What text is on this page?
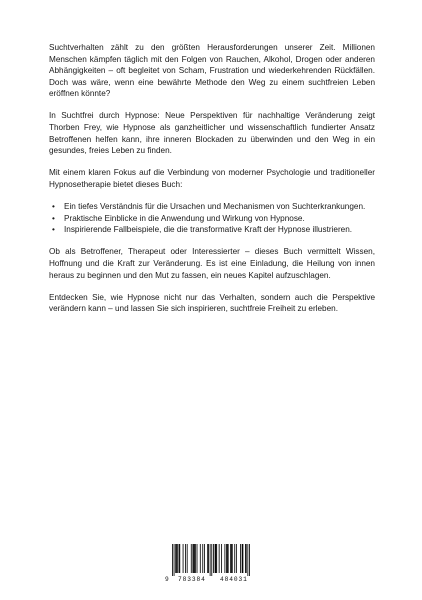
Suchtverhalten zählt zu den größten Herausforderungen unserer Zeit. Millionen Menschen kämpfen täglich mit den Folgen von Rauchen, Alkohol, Drogen oder anderen Abhängigkeiten – oft begleitet von Scham, Frustration und wiederkehrenden Rückfällen. Doch was wäre, wenn eine bewährte Methode den Weg zu einem suchtfreien Leben eröffnen könnte?

In Suchtfrei durch Hypnose: Neue Perspektiven für nachhaltige Veränderung zeigt Thorben Frey, wie Hypnose als ganzheitlicher und wissenschaftlich fundierter Ansatz Betroffenen helfen kann, ihre inneren Blockaden zu überwinden und den Weg in ein gesundes, freies Leben zu finden.

Mit einem klaren Fokus auf die Verbindung von moderner Psychologie und traditioneller Hypnosetherapie bietet dieses Buch:

• Ein tiefes Verständnis für die Ursachen und Mechanismen von Suchterkrankungen.
• Praktische Einblicke in die Anwendung und Wirkung von Hypnose.
• Inspirierende Fallbeispiele, die die transformative Kraft der Hypnose illustrieren.

Ob als Betroffener, Therapeut oder Interessierter – dieses Buch vermittelt Wissen, Hoffnung und die Kraft zur Veränderung. Es ist eine Einladung, die Heilung von innen heraus zu beginnen und den Mut zu fassen, ein neues Kapitel aufzuschlagen.

Entdecken Sie, wie Hypnose nicht nur das Verhalten, sondern auch die Perspektive verändern kann – und lassen Sie sich inspirieren, suchtfreie Freiheit zu erleben.

9 783384 484031
